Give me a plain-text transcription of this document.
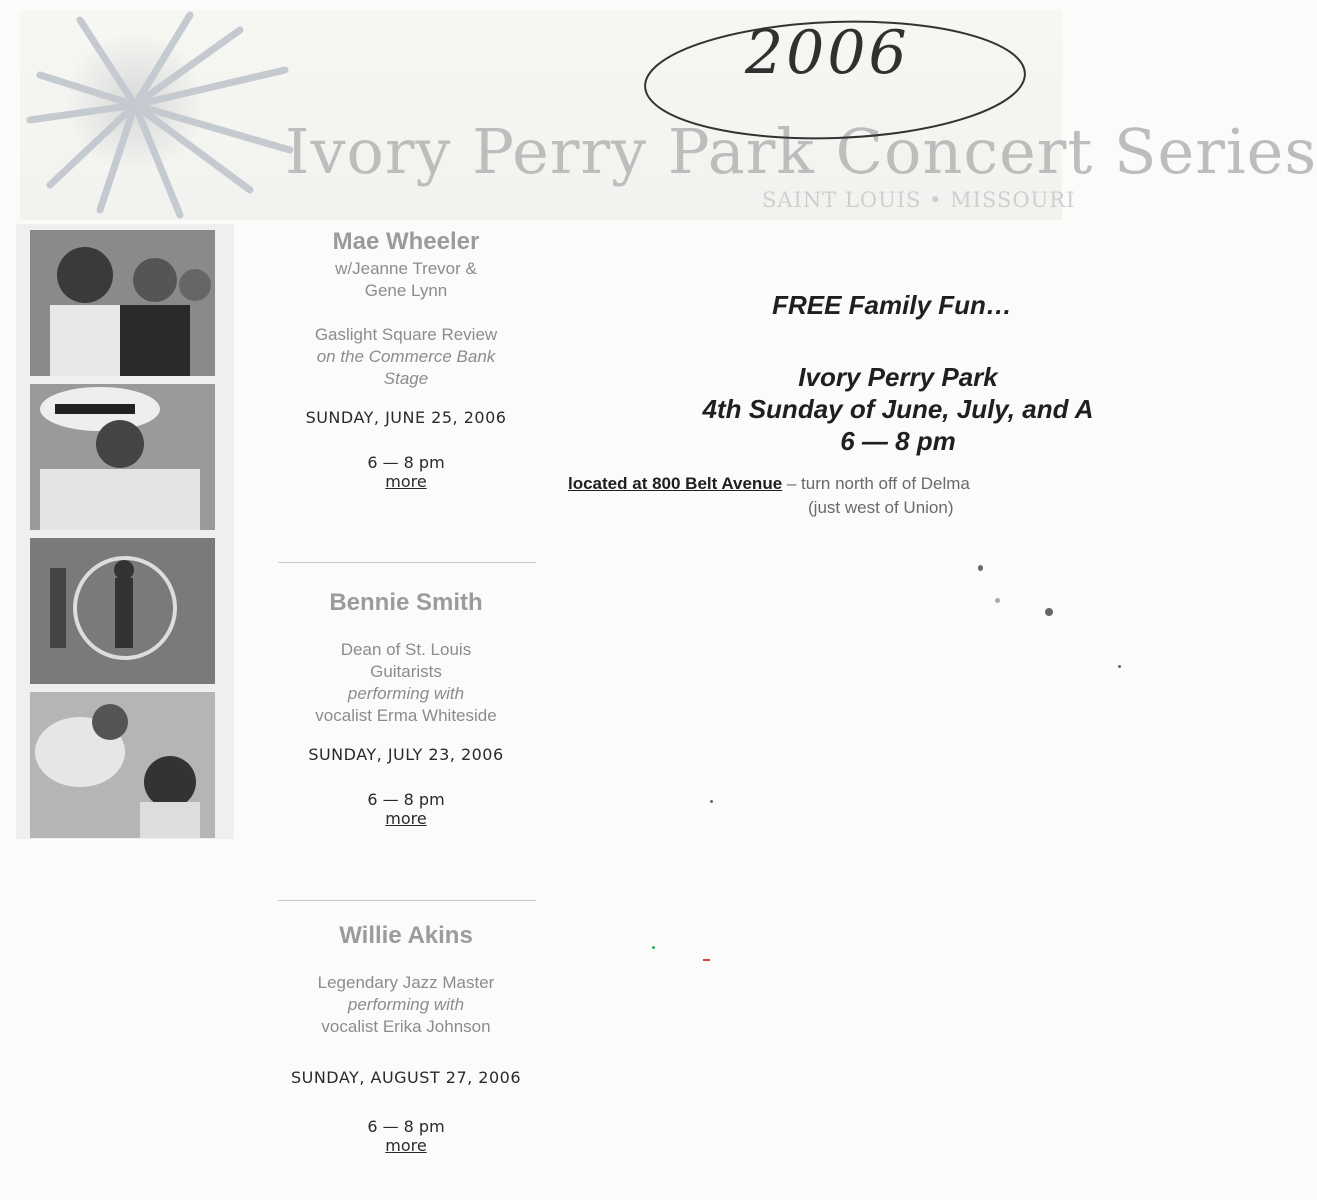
Ivory Perry Park Concert Series
SAINT LOUIS • MISSOURI
2006
Mae Wheeler
w/Jeanne Trevor &
Gene Lynn
Gaslight Square Review
on the Commerce Bank
Stage
SUNDAY, JUNE 25, 2006
6 — 8 pm
more
Bennie Smith
Dean of St. Louis
Guitarists
performing with
vocalist Erma Whiteside
SUNDAY, JULY 23, 2006
6 — 8 pm
more
Willie Akins
Legendary Jazz Master
performing with
vocalist Erika Johnson
SUNDAY, AUGUST 27, 2006
6 — 8 pm
more
FREE Family Fun…
Ivory Perry Park
4th Sunday of June, July, and A
6 — 8 pm
located at 800 Belt Avenue – turn north off of Delma
(just west of Union)
